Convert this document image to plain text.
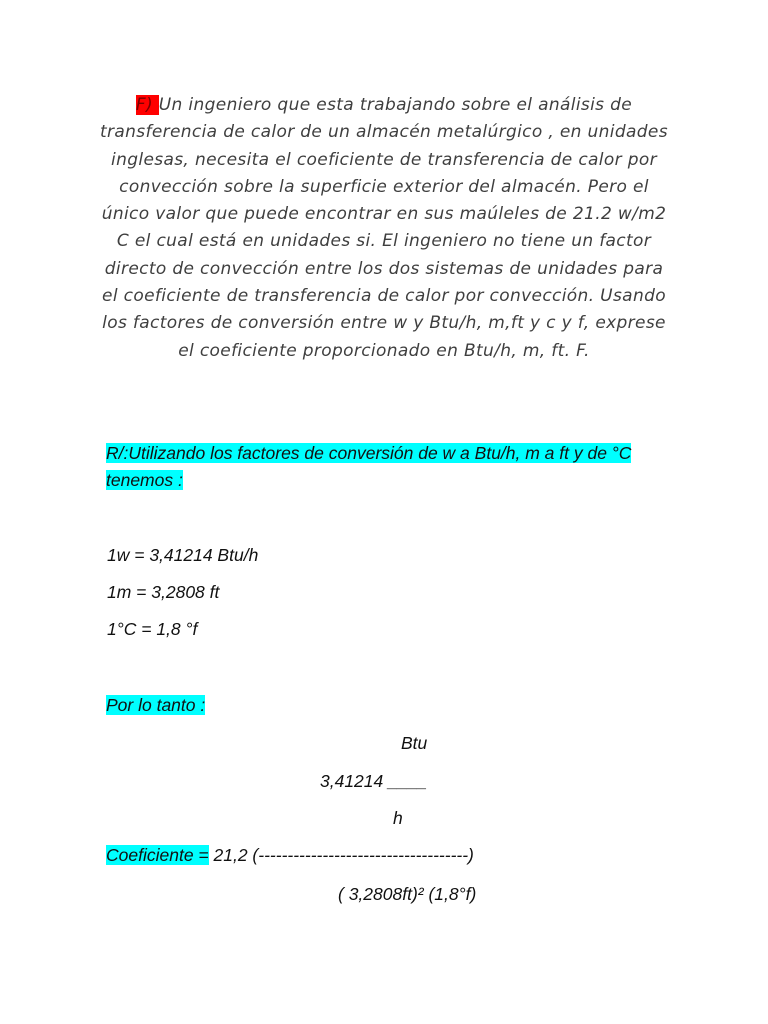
F) Un ingeniero que esta trabajando sobre el análisis de transferencia de calor de un almacén metalúrgico , en unidades inglesas, necesita el coeficiente de transferencia de calor por convección sobre la superficie exterior del almacén. Pero el único valor que puede encontrar en sus maúleles de 21.2 w/m2 C el cual está en unidades si. El ingeniero no tiene un factor directo de convección entre los dos sistemas de unidades para el coeficiente de transferencia de calor por convección. Usando los factores de conversión entre w y Btu/h, m,ft y c y f, exprese el coeficiente proporcionado en Btu/h, m, ft. F.
R/:Utilizando los factores de conversión de w a Btu/h, m a ft y de °C tenemos :
1w = 3,41214 Btu/h
1m = 3,2808 ft
1°C = 1,8 °f
Por lo tanto :
Btu
3,41214 ____
h
Coeficiente = 21,2 (------------------------------------)
( 3,2808ft)² (1,8°f)
